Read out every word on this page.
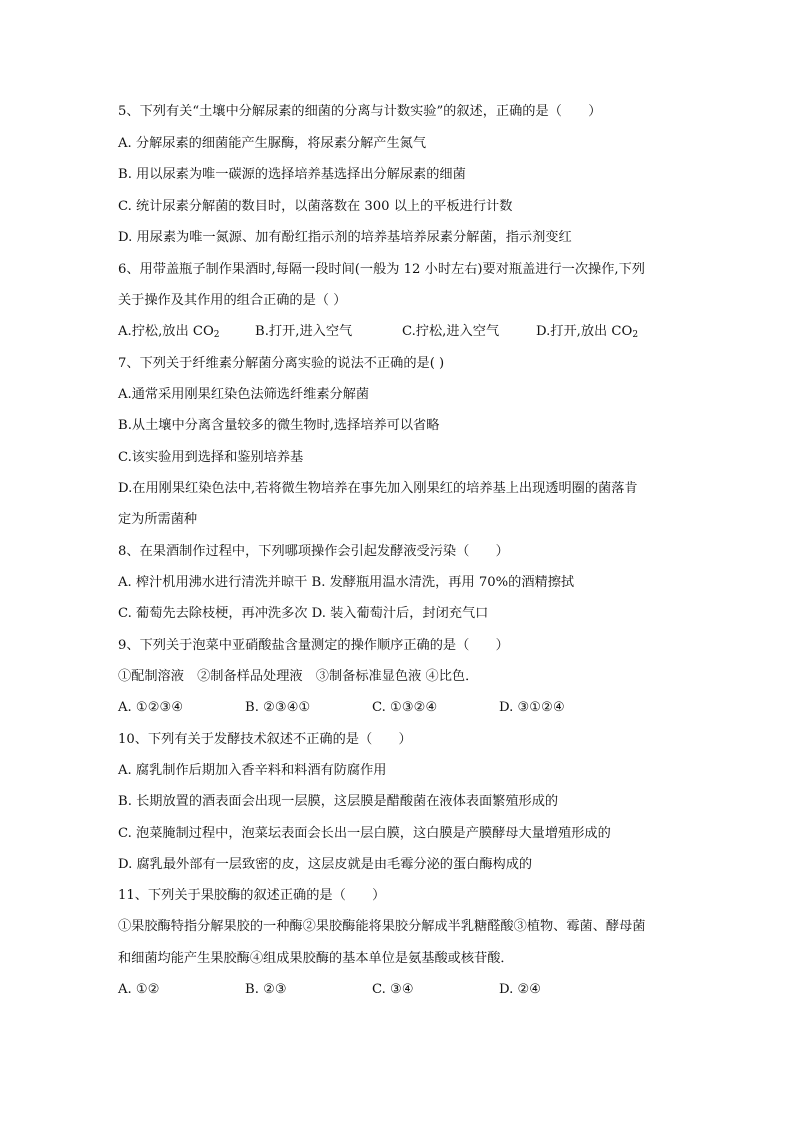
5、下列有关“土壤中分解尿素的细菌的分离与计数实验”的叙述，正确的是（　　）
A. 分解尿素的细菌能产生脲酶，将尿素分解产生氮气
B. 用以尿素为唯一碳源的选择培养基选择出分解尿素的细菌
C. 统计尿素分解菌的数目时，以菌落数在 300 以上的平板进行计数
D. 用尿素为唯一氮源、加有酚红指示剂的培养基培养尿素分解菌，指示剂变红
6、用带盖瓶子制作果酒时,每隔一段时间(一般为 12 小时左右)要对瓶盖进行一次操作,下列
关于操作及其作用的组合正确的是（ ）
A.拧松,放出 $CO_2$	B.打开,进入空气	C.拧松,进入空气	D.打开,放出 $CO_2$
7、下列关于纤维素分解菌分离实验的说法不正确的是( )
A.通常采用刚果红染色法筛选纤维素分解菌
B.从土壤中分离含量较多的微生物时,选择培养可以省略
C.该实验用到选择和鉴别培养基
D.在用刚果红染色法中,若将微生物培养在事先加入刚果红的培养基上出现透明圈的菌落肯
定为所需菌种
8、在果酒制作过程中，下列哪项操作会引起发酵液受污染（　　）
A. 榨汁机用沸水进行清洗并晾干 B. 发酵瓶用温水清洗，再用 70%的酒精擦拭
C. 葡萄先去除枝梗，再冲洗多次 D. 装入葡萄汁后，封闭充气口
9、下列关于泡菜中亚硝酸盐含量测定的操作顺序正确的是（　　）
①配制溶液　②制备样品处理液　③制备标准显色液 ④比色．
A. ①②③④	B. ②③④①	C. ①③②④	D. ③①②④
10、下列有关于发酵技术叙述不正确的是（　　）
A. 腐乳制作后期加入香辛料和料酒有防腐作用
B. 长期放置的酒表面会出现一层膜，这层膜是醋酸菌在液体表面繁殖形成的
C. 泡菜腌制过程中，泡菜坛表面会长出一层白膜，这白膜是产膜酵母大量增殖形成的
D. 腐乳最外部有一层致密的皮，这层皮就是由毛霉分泌的蛋白酶构成的
11、下列关于果胶酶的叙述正确的是（　　）
①果胶酶特指分解果胶的一种酶②果胶酶能将果胶分解成半乳糖醛酸③植物、霉菌、酵母菌
和细菌均能产生果胶酶④组成果胶酶的基本单位是氨基酸或核苷酸．
A. ①②	B. ②③	C. ③④	D. ②④
